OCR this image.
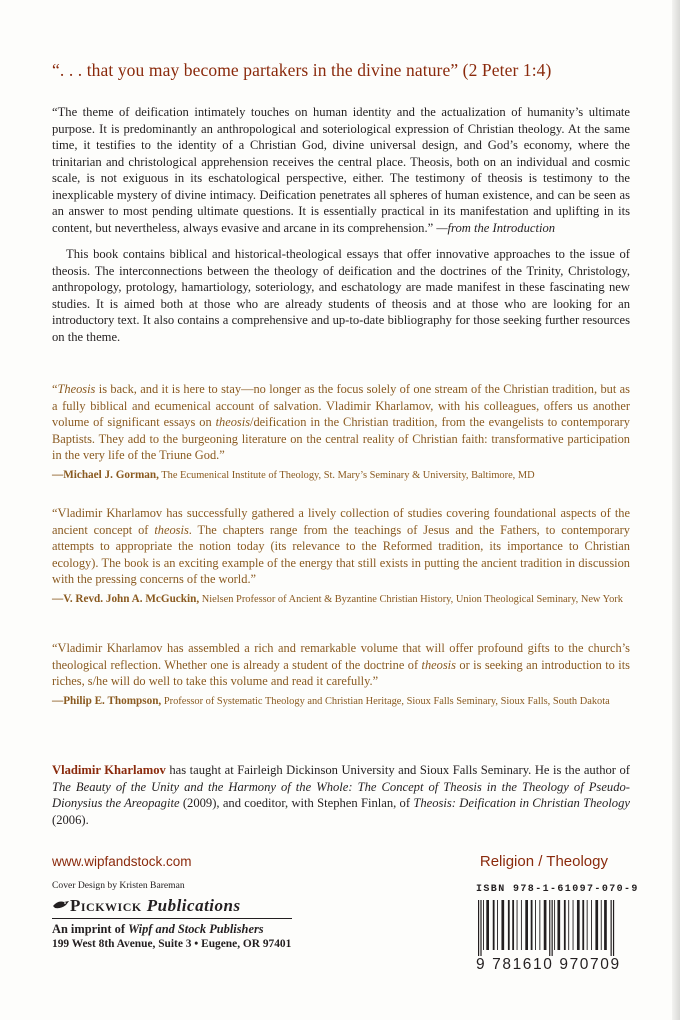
“. . . that you may become partakers in the divine nature” (2 Peter 1:4)
“The theme of deification intimately touches on human identity and the actualization of humanity’s ultimate purpose. It is predominantly an anthropological and soteriological expression of Christian theology. At the same time, it testifies to the identity of a Christian God, divine universal design, and God’s economy, where the trinitarian and christological apprehension receives the central place. Theosis, both on an individual and cosmic scale, is not exiguous in its eschatological perspective, either. The testimony of theosis is testimony to the inexplicable mystery of divine intimacy. Deification penetrates all spheres of human existence, and can be seen as an answer to most pending ultimate questions. It is essentially practical in its manifestation and uplifting in its content, but nevertheless, always evasive and arcane in its comprehension.” —from the Introduction
This book contains biblical and historical-theological essays that offer innovative approaches to the issue of theosis. The interconnections between the theology of deification and the doctrines of the Trinity, Christology, anthropology, protology, hamartiology, soteriology, and eschatology are made manifest in these fascinating new studies. It is aimed both at those who are already students of theosis and at those who are looking for an introductory text. It also contains a comprehensive and up-to-date bibliography for those seeking further resources on the theme.

“Theosis is back, and it is here to stay—no longer as the focus solely of one stream of the Christian tradition, but as a fully biblical and ecumenical account of salvation. Vladimir Kharlamov, with his colleagues, offers us another volume of significant essays on theosis/deification in the Christian tradition, from the evangelists to contemporary Baptists. They add to the burgeoning literature on the central reality of Christian faith: transformative participation in the very life of the Triune God.”

—Michael J. Gorman, The Ecumenical Institute of Theology, St. Mary’s Seminary & University, Baltimore, MD

“Vladimir Kharlamov has successfully gathered a lively collection of studies covering foundational aspects of the ancient concept of theosis. The chapters range from the teachings of Jesus and the Fathers, to contemporary attempts to appropriate the notion today (its relevance to the Reformed tradition, its importance to Christian ecology). The book is an exciting example of the energy that still exists in putting the ancient tradition in discussion with the pressing concerns of the world.”

—V. Revd. John A. McGuckin, Nielsen Professor of Ancient & Byzantine Christian History, Union Theological Seminary, New York

“Vladimir Kharlamov has assembled a rich and remarkable volume that will offer profound gifts to the church’s theological reflection. Whether one is already a student of the doctrine of theosis or is seeking an introduction to its riches, s/he will do well to take this volume and read it carefully.”

—Philip E. Thompson, Professor of Systematic Theology and Christian Heritage, Sioux Falls Seminary, Sioux Falls, South Dakota
Vladimir Kharlamov has taught at Fairleigh Dickinson University and Sioux Falls Seminary. He is the author of The Beauty of the Unity and the Harmony of the Whole: The Concept of Theosis in the Theology of Pseudo-Dionysius the Areopagite (2009), and coeditor, with Stephen Finlan, of Theosis: Deification in Christian Theology (2006).
www.wipfandstock.com	Religion / Theology
Cover Design by Kristen Bareman
Pickwick Publications
An imprint of Wipf and Stock Publishers
199 West 8th Avenue, Suite 3 • Eugene, OR 97401
ISBN 978-1-61097-070-9
9 781610 970709
